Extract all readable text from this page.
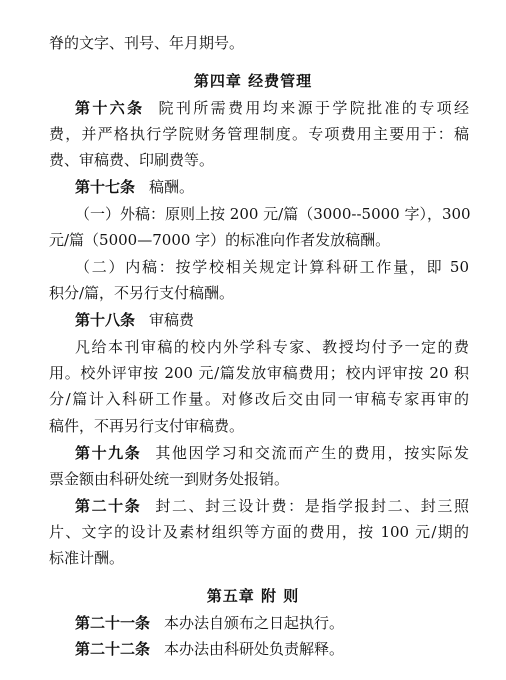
脊的文字、刊号、年月期号。
第四章 经费管理
第十六条 院刊所需费用均来源于学院批准的专项经
费，并严格执行学院财务管理制度。专项费用主要用于：稿
费、审稿费、印刷费等。
第十七条 稿酬。
（一）外稿：原则上按 200 元/篇（3000--5000 字），300
元/篇（5000—7000 字）的标准向作者发放稿酬。
（二）内稿：按学校相关规定计算科研工作量，即 50
积分/篇，不另行支付稿酬。
第十八条 审稿费
凡给本刊审稿的校内外学科专家、教授均付予一定的费
用。校外评审按 200 元/篇发放审稿费用；校内评审按 20 积
分/篇计入科研工作量。对修改后交由同一审稿专家再审的
稿件，不再另行支付审稿费。
第十九条 其他因学习和交流而产生的费用，按实际发
票金额由科研处统一到财务处报销。
第二十条 封二、封三设计费：是指学报封二、封三照
片、文字的设计及素材组织等方面的费用，按 100 元/期的
标准计酬。
第五章 附 则
第二十一条 本办法自颁布之日起执行。
第二十二条 本办法由科研处负责解释。
